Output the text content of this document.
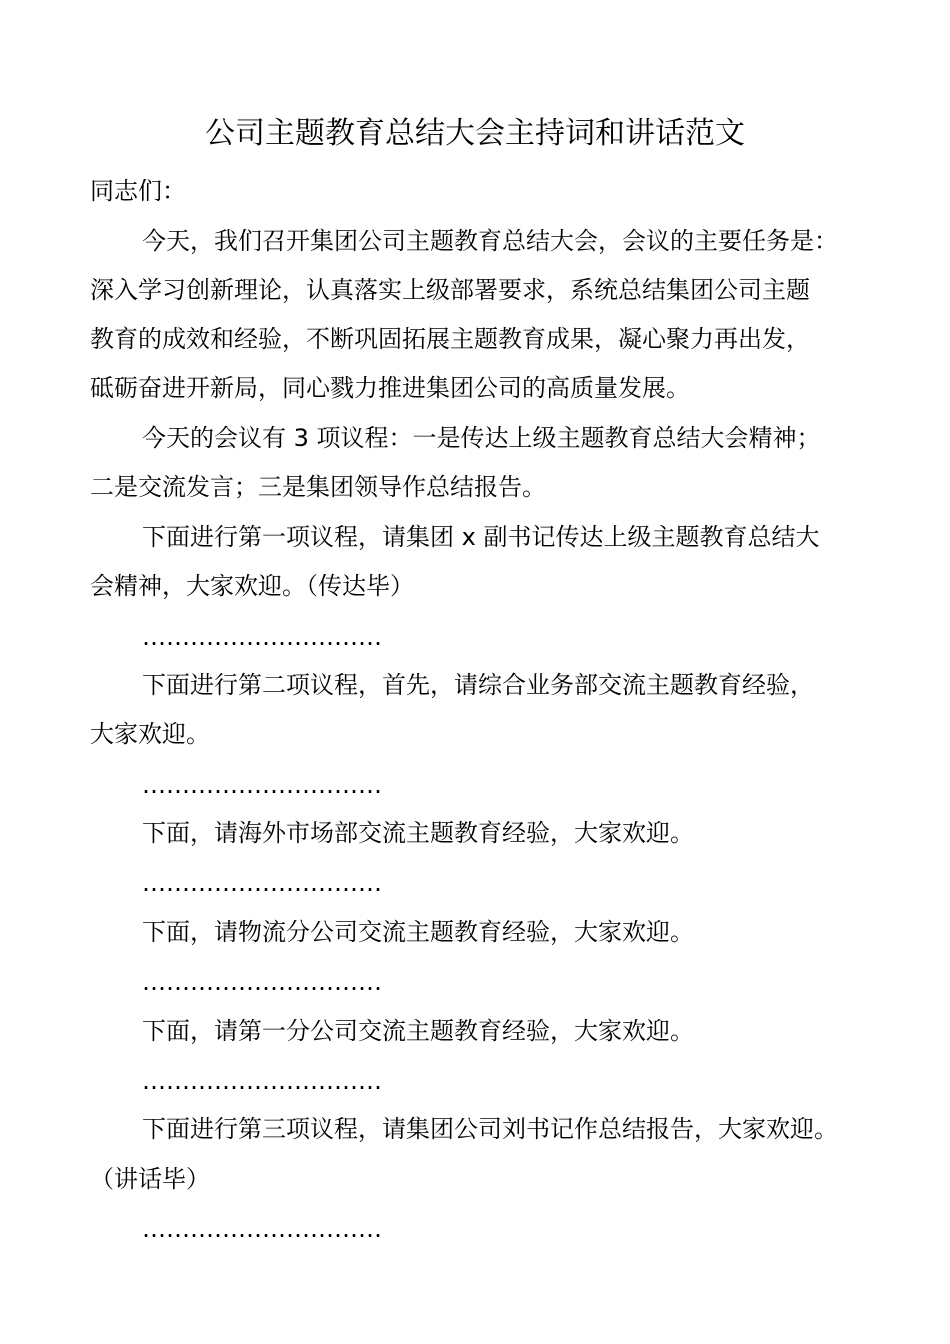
公司主题教育总结大会主持词和讲话范文
同志们：
今天，我们召开集团公司主题教育总结大会，会议的主要任务是：
深入学习创新理论，认真落实上级部署要求，系统总结集团公司主题
教育的成效和经验，不断巩固拓展主题教育成果，凝心聚力再出发，
砥砺奋进开新局，同心戮力推进集团公司的高质量发展。
今天的会议有 3 项议程：一是传达上级主题教育总结大会精神；
二是交流发言；三是集团领导作总结报告。
下面进行第一项议程，请集团 x 副书记传达上级主题教育总结大
会精神，大家欢迎。（传达毕）
…………………………
下面进行第二项议程，首先，请综合业务部交流主题教育经验，
大家欢迎。
…………………………
下面，请海外市场部交流主题教育经验，大家欢迎。
…………………………
下面，请物流分公司交流主题教育经验，大家欢迎。
…………………………
下面，请第一分公司交流主题教育经验，大家欢迎。
…………………………
下面进行第三项议程，请集团公司刘书记作总结报告，大家欢迎。
（讲话毕）
…………………………
